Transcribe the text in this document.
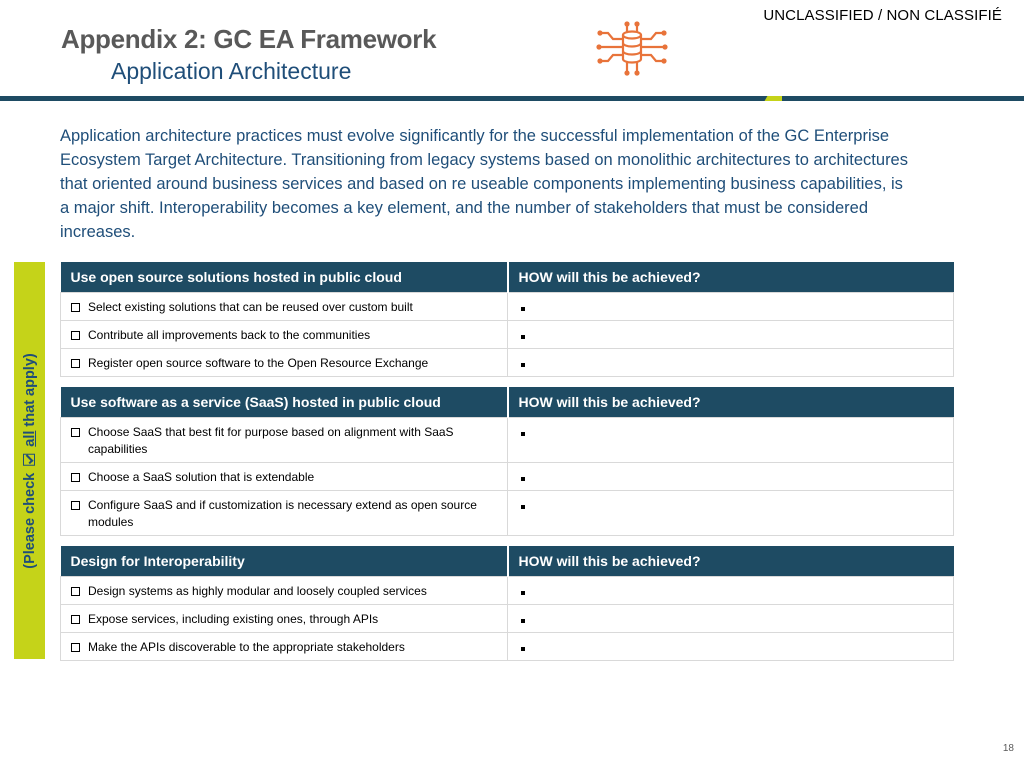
UNCLASSIFIED / NON CLASSIFIÉ
Appendix 2: GC EA Framework
Application Architecture

Application architecture practices must evolve significantly for the successful implementation of the GC Enterprise Ecosystem Target Architecture. Transitioning from legacy systems based on monolithic architectures to architectures that oriented around business services and based on re useable components implementing business capabilities, is a major shift. Interoperability becomes a key element, and the number of stakeholders that must be considered increases.

(Please check  all that apply)
Use open source solutions hosted in public cloud	HOW will this be achieved?

Select existing solutions that can be reused over custom built	

Contribute all improvements back to the communities	

Register open source software to the Open Resource Exchange	

Use software as a service (SaaS) hosted in public cloud	HOW will this be achieved?

Choose SaaS that best fit for purpose based on alignment with SaaS capabilities	

Choose a SaaS solution that is extendable	

Configure SaaS and if customization is necessary extend as open source modules	

Design for Interoperability	HOW will this be achieved?

Design systems as highly modular and loosely coupled services	

Expose services, including existing ones, through APIs	

Make the APIs discoverable to the appropriate stakeholders	

18
